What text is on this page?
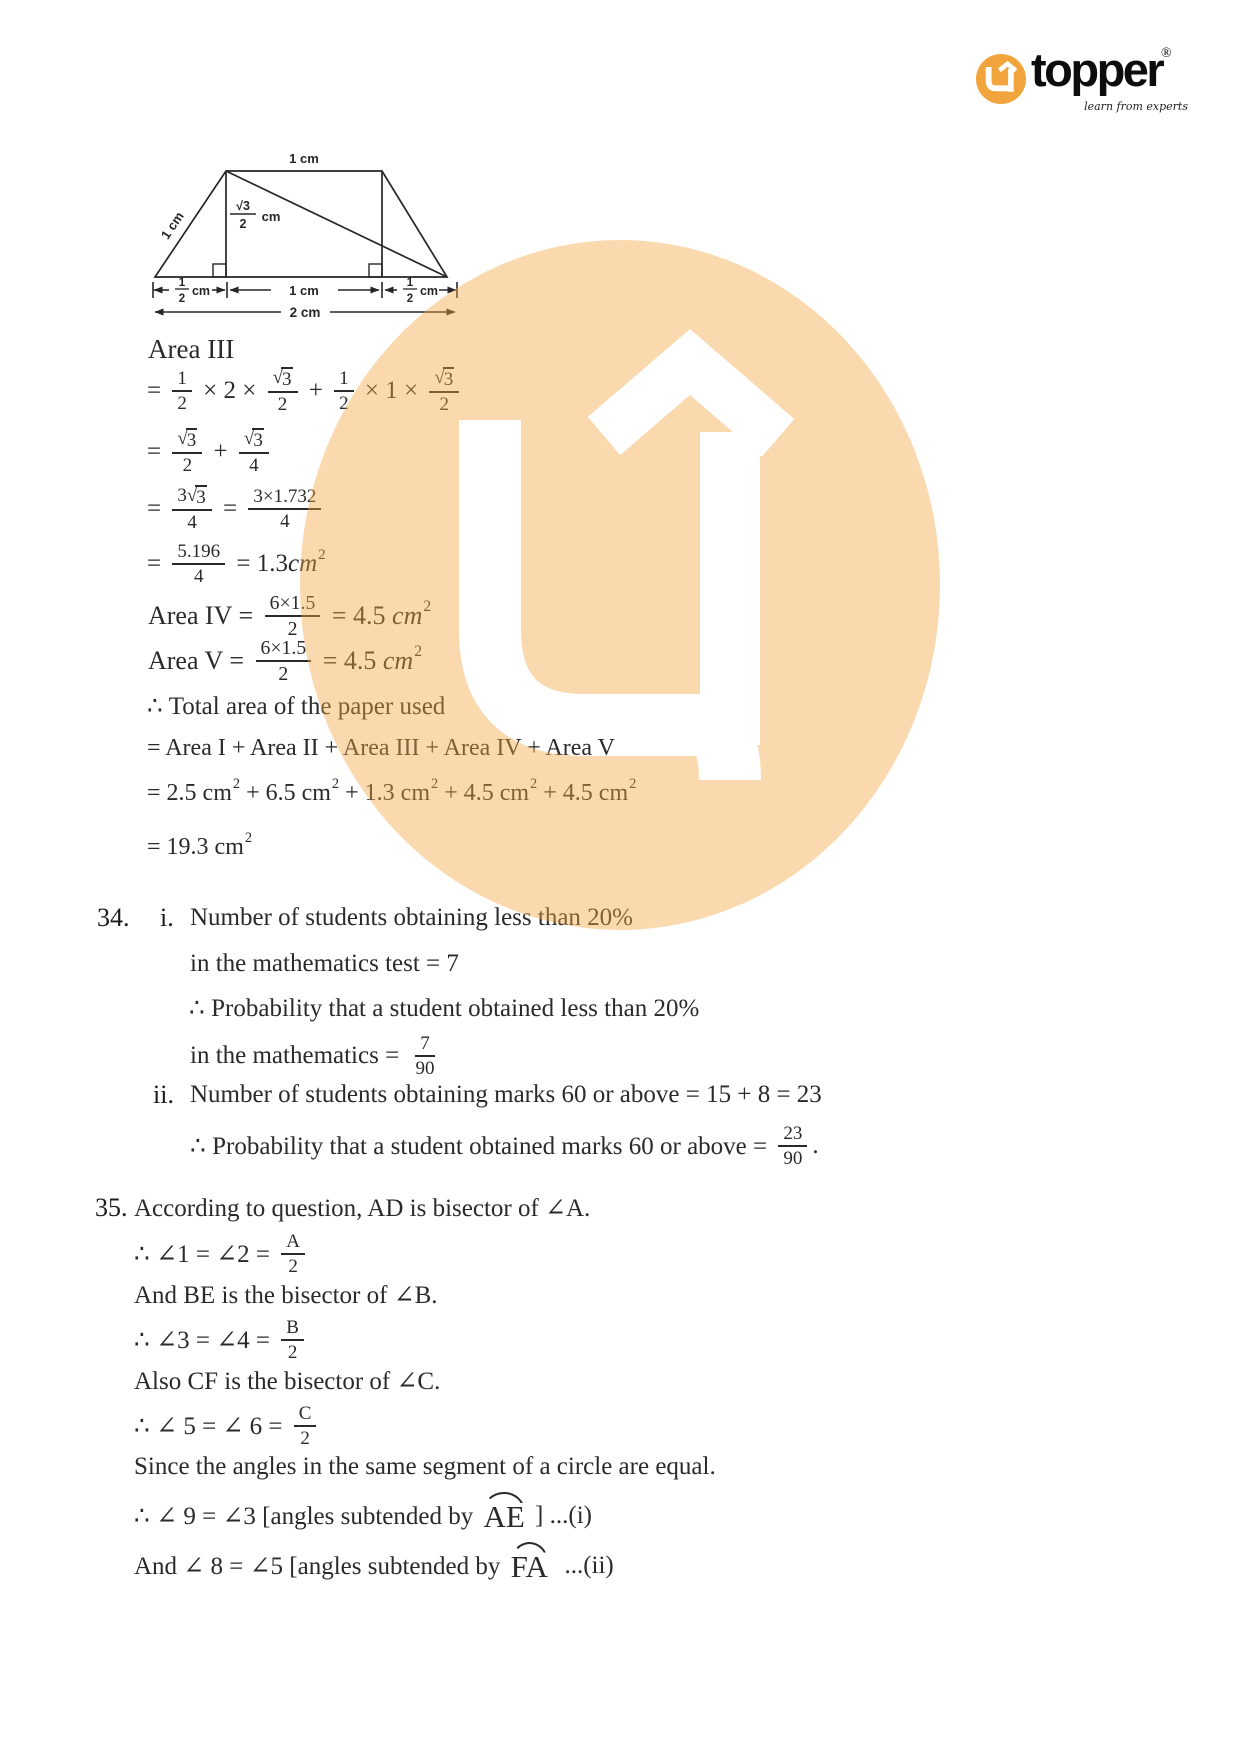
topper
®
learn from experts
1 cm
1 cm
√3
2 cm
1
2
cm	1 cm	1
2
cm
2 cm
Area III
= $\frac{1}{2} \times 2 \times \frac{√ 3}{2} + \frac{1}{2} \times 1 \times \frac{√ 3}{2}$
= $\frac{√ 3}{2} + \frac{√ 3}{4}$
= $\frac{3 √ 3}{4} = \frac{3\times 1.732}{4}$
= $\frac{5.196}{4} = 1.3$ cm 2
Area IV = $\frac{6\times 1.5}{2} = 4.5$ cm 2
Area $V = \frac{6\times 1.5}{2} = 4.5$ cm 2
∴ Total area of the paper used
= Area I + Area II + Area III + Area IV + Area V
= 2.5 cm 2 + 6.5 cm 2 + 1.3 cm 2 + 4.5 cm 2 + 4.5 cm 2
= 19.3 cm 2
34. i. Number of students obtaining less than 20%
in the mathematics test = 7
∴ Probability that a student obtained less than 20%
in the mathematics = $\frac{7}{90}$
ii. Number of students obtaining marks 60 or above = 15 + 8 = 23
∴ Probability that a student obtained marks 60 or above = $\frac{23}{90}$ .
35. According to question, AD is bisector of ∠A.
∴ ∠1 = ∠2 = $\frac{A}{2}$
And BE is the bisector of ∠B.
∴ ∠3 = ∠4 = $\frac{B}{2}$
Also CF is the bisector of ∠C.
∴ ∠ 5 = ∠ $6 = \frac{C}{2}$
Since the angles in the same segment of a circle are equal.
∴ ∠ 9 = ∠3 [angles subtended by AE ] ...(i)
And ∠ 8 = ∠5 [angles subtended by FA ...(ii)
